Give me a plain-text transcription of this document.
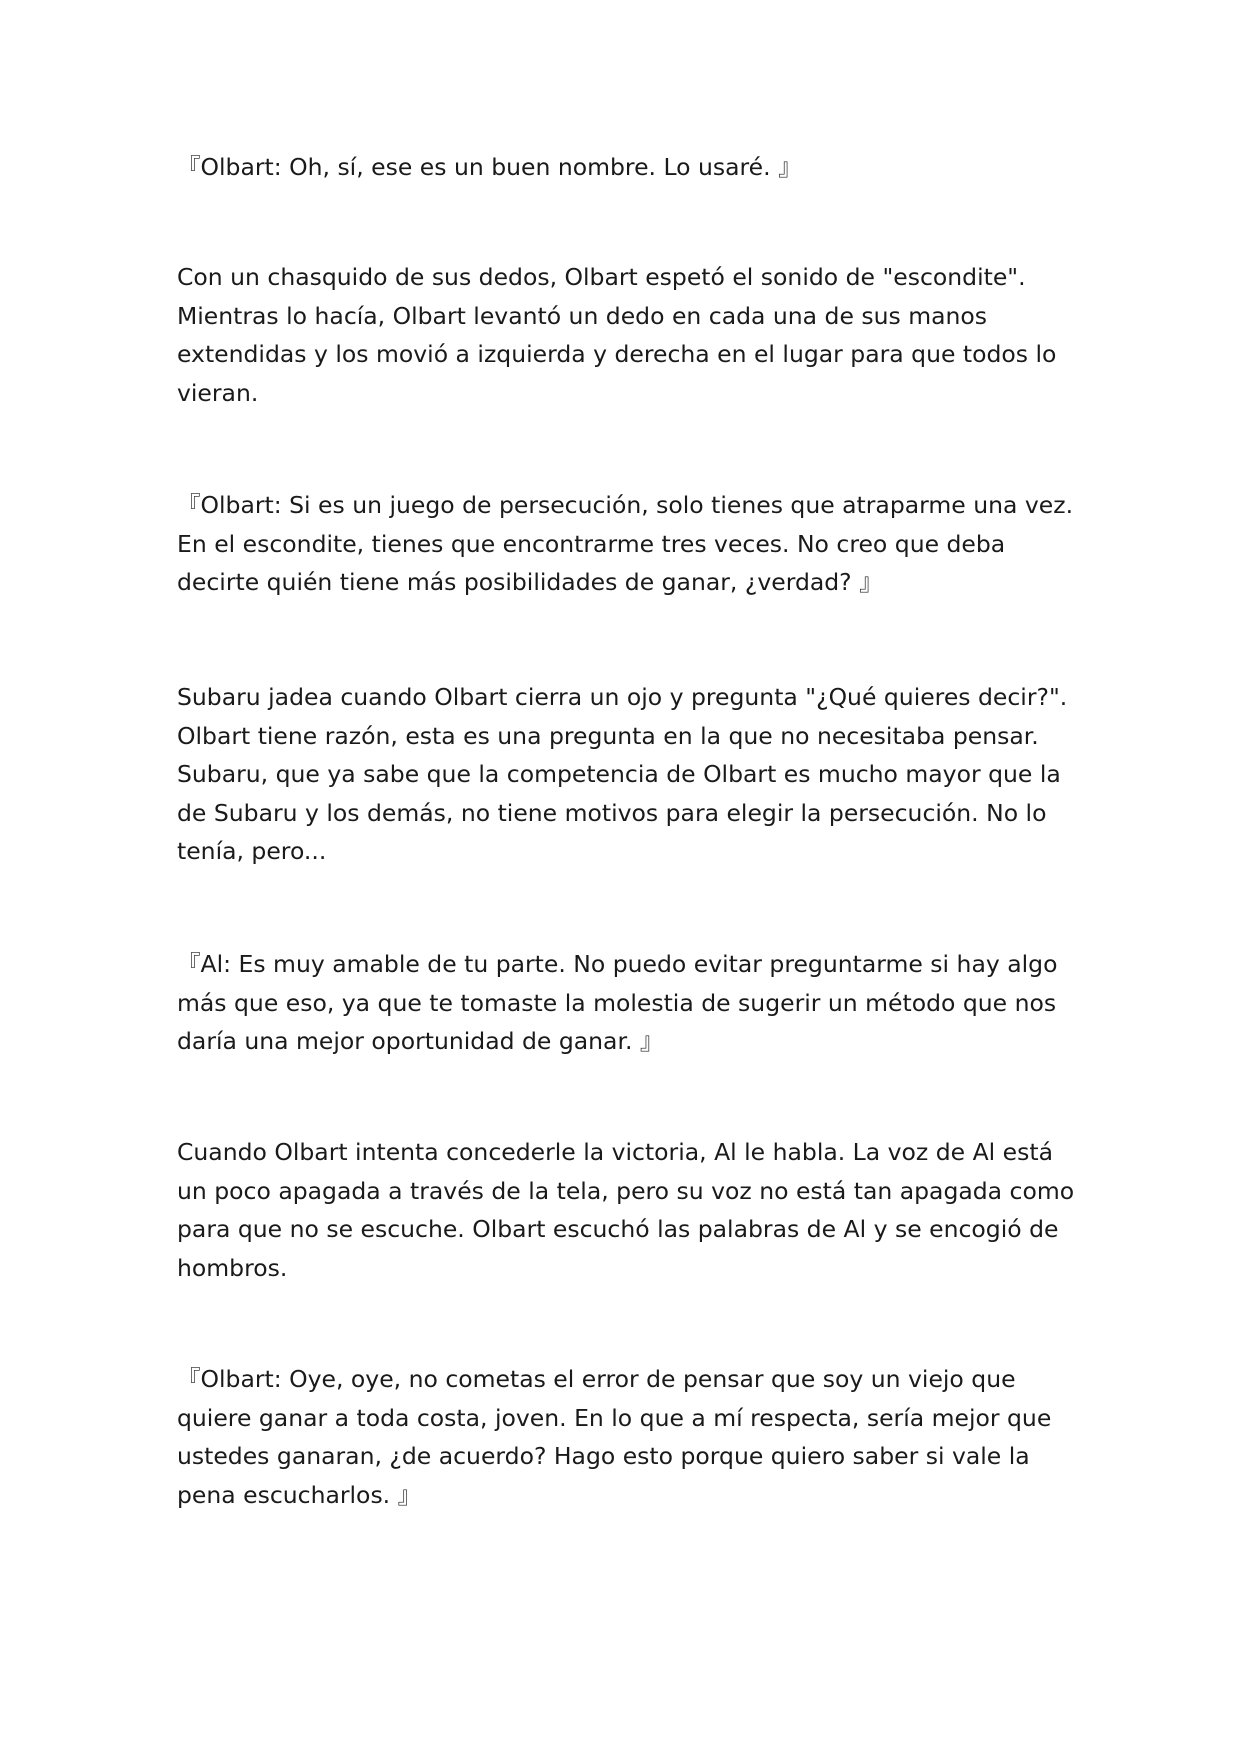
『Olbart: Oh, sí, ese es un buen nombre. Lo usaré. 』

Con un chasquido de sus dedos, Olbart espetó el sonido de "escondite". Mientras lo hacía, Olbart levantó un dedo en cada una de sus manos extendidas y los movió a izquierda y derecha en el lugar para que todos lo vieran.

『Olbart: Si es un juego de persecución, solo tienes que atraparme una vez. En el escondite, tienes que encontrarme tres veces. No creo que deba decirte quién tiene más posibilidades de ganar, ¿verdad? 』

Subaru jadea cuando Olbart cierra un ojo y pregunta "¿Qué quieres decir?". Olbart tiene razón, esta es una pregunta en la que no necesitaba pensar. Subaru, que ya sabe que la competencia de Olbart es mucho mayor que la de Subaru y los demás, no tiene motivos para elegir la persecución. No lo tenía, pero...

『Al: Es muy amable de tu parte. No puedo evitar preguntarme si hay algo más que eso, ya que te tomaste la molestia de sugerir un método que nos daría una mejor oportunidad de ganar. 』

Cuando Olbart intenta concederle la victoria, Al le habla. La voz de Al está un poco apagada a través de la tela, pero su voz no está tan apagada como para que no se escuche. Olbart escuchó las palabras de Al y se encogió de hombros.

『Olbart: Oye, oye, no cometas el error de pensar que soy un viejo que quiere ganar a toda costa, joven. En lo que a mí respecta, sería mejor que ustedes ganaran, ¿de acuerdo? Hago esto porque quiero saber si vale la pena escucharlos. 』
